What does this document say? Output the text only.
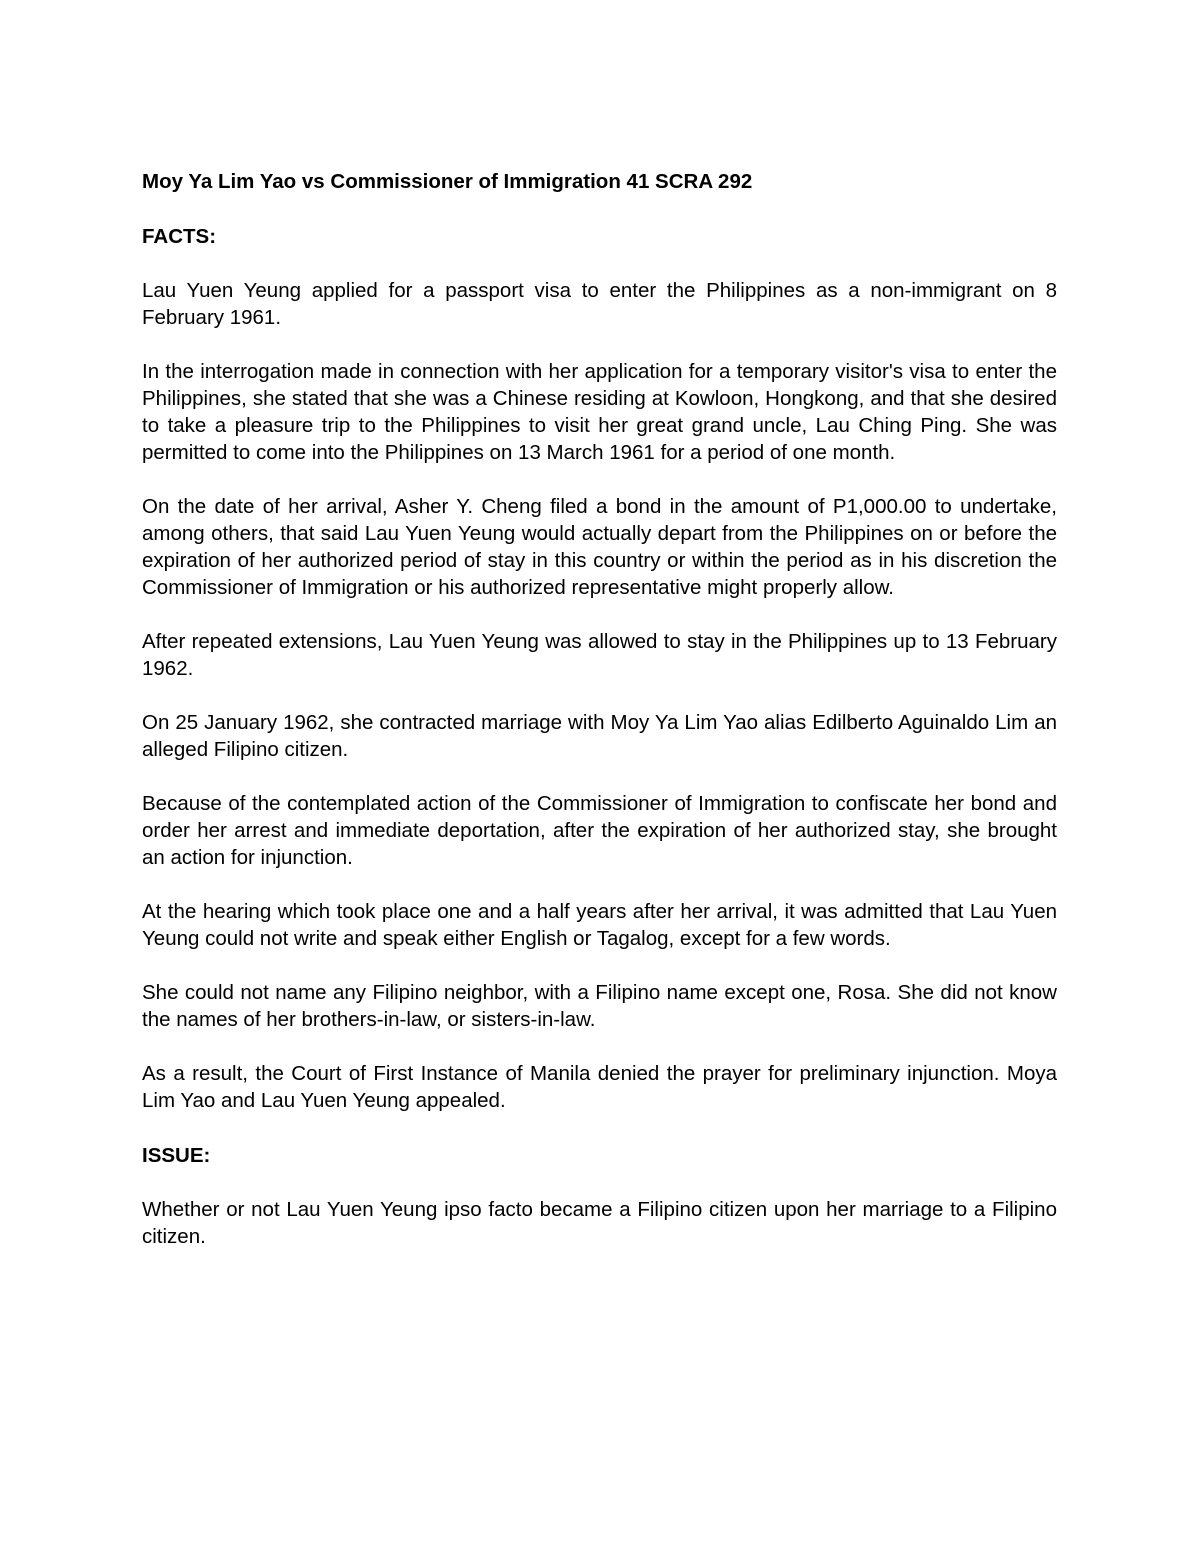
Moy Ya Lim Yao vs Commissioner of Immigration 41 SCRA 292

FACTS:

Lau Yuen Yeung applied for a passport visa to enter the Philippines as a non-immigrant on 8 February 1961.

In the interrogation made in connection with her application for a temporary visitor's visa to enter the Philippines, she stated that she was a Chinese residing at Kowloon, Hongkong, and that she desired to take a pleasure trip to the Philippines to visit her great grand uncle, Lau Ching Ping. She was permitted to come into the Philippines on 13 March 1961 for a period of one month.

On the date of her arrival, Asher Y. Cheng filed a bond in the amount of P1,000.00 to undertake, among others, that said Lau Yuen Yeung would actually depart from the Philippines on or before the expiration of her authorized period of stay in this country or within the period as in his discretion the Commissioner of Immigration or his authorized representative might properly allow.

After repeated extensions, Lau Yuen Yeung was allowed to stay in the Philippines up to 13 February 1962.

On 25 January 1962, she contracted marriage with Moy Ya Lim Yao alias Edilberto Aguinaldo Lim an alleged Filipino citizen.

Because of the contemplated action of the Commissioner of Immigration to confiscate her bond and order her arrest and immediate deportation, after the expiration of her authorized stay, she brought an action for injunction.

At the hearing which took place one and a half years after her arrival, it was admitted that Lau Yuen Yeung could not write and speak either English or Tagalog, except for a few words.

She could not name any Filipino neighbor, with a Filipino name except one, Rosa. She did not know the names of her brothers-in-law, or sisters-in-law.

As a result, the Court of First Instance of Manila denied the prayer for preliminary injunction. Moya Lim Yao and Lau Yuen Yeung appealed.

ISSUE:

Whether or not Lau Yuen Yeung ipso facto became a Filipino citizen upon her marriage to a Filipino citizen.
